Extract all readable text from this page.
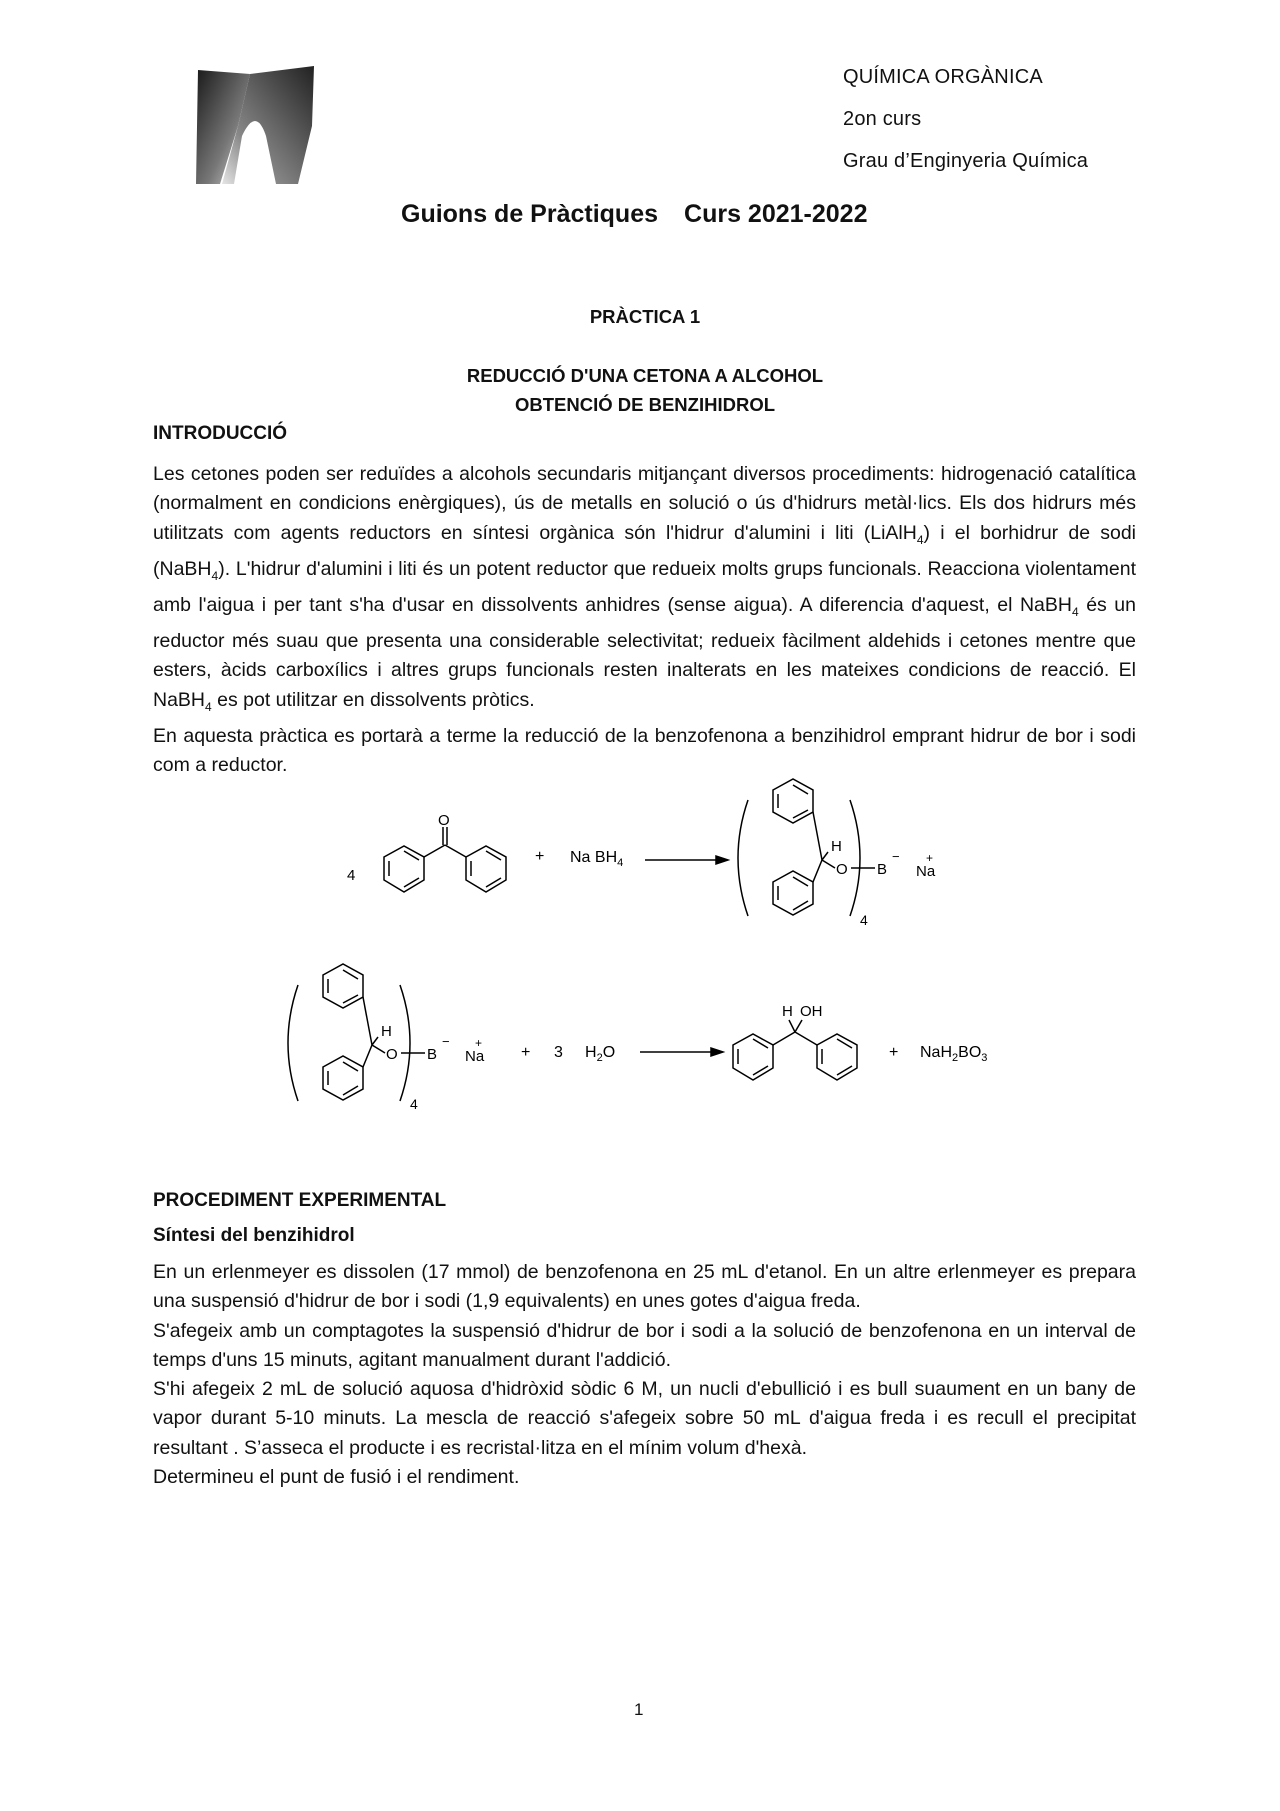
QUÍMICA ORGÀNICA
2on curs
Grau d’Enginyeria Química
Guions de Pràctiques Curs 2021-2022
PRÀCTICA 1
REDUCCIÓ D'UNA CETONA A ALCOHOL
OBTENCIÓ DE BENZIHIDROL
INTRODUCCIÓ

Les cetones poden ser reduïdes a alcohols secundaris mitjançant diversos procediments: hidrogenació catalítica (normalment en condicions enèrgiques), ús de metalls en solució o ús d'hidrurs metàl·lics. Els dos hidrurs més utilitzats com agents reductors en síntesi orgànica són l'hidrur d'alumini i liti (LiAlH$_4$) i el borhidrur de sodi (NaBH$_4$). L'hidrur d'alumini i liti és un potent reductor que redueix molts grups funcionals. Reacciona violentament amb l'aigua i per tant s'ha d'usar en dissolvents anhidres (sense aigua). A diferencia d'aquest, el NaBH$_4$ és un reductor més suau que presenta una considerable selectivitat; redueix fàcilment aldehids i cetones mentre que esters, àcids carboxílics i altres grups funcionals resten inalterats en les mateixes condicions de reacció. El NaBH$_4$ es pot utilitzar en dissolvents pròtics.

En aquesta pràctica es portarà a terme la reducció de la benzofenona a benzihidrol emprant hidrur de bor i sodi com a reductor.

O
4
+ Na $BH_4$
4
H
O B
−
Na
+
4
H
O B
−
Na
+
+ 3 $H_2O$
H OH
+ $NaH_2BO_3$
PROCEDIMENT EXPERIMENTAL
Síntesi del benzihidrol

En un erlenmeyer es dissolen (17 mmol) de benzofenona en 25 mL d'etanol. En un altre erlenmeyer es prepara una suspensió d'hidrur de bor i sodi (1,9 equivalents) en unes gotes d'aigua freda.

S'afegeix amb un comptagotes la suspensió d'hidrur de bor i sodi a la solució de benzofenona en un interval de temps d'uns 15 minuts, agitant manualment durant l'addició.

S'hi afegeix 2 mL de solució aquosa d'hidròxid sòdic 6 M, un nucli d'ebullició i es bull suaument en un bany de vapor durant 5-10 minuts. La mescla de reacció s'afegeix sobre 50 mL d'aigua freda i es recull el precipitat resultant . S’asseca el producte i es recristal·litza en el mínim volum d'hexà.

Determineu el punt de fusió i el rendiment.

1
